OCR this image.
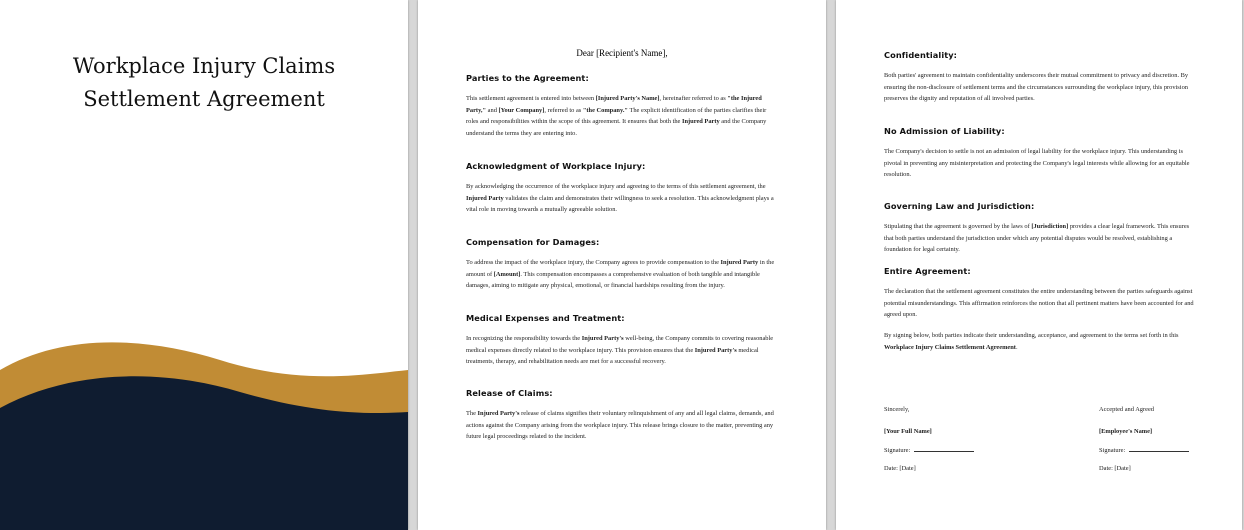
Workplace Injury Claims
Settlement Agreement
Dear [Recipient's Name],
Parties to the Agreement:
This settlement agreement is entered into between [Injured Party's Name], hereinafter referred to as "the Injured Party," and [Your Company], referred to as "the Company." The explicit identification of the parties clarifies their roles and responsibilities within the scope of this agreement. It ensures that both the Injured Party and the Company understand the terms they are entering into.
Acknowledgment of Workplace Injury:
By acknowledging the occurrence of the workplace injury and agreeing to the terms of this settlement agreement, the Injured Party validates the claim and demonstrates their willingness to seek a resolution. This acknowledgment plays a vital role in moving towards a mutually agreeable solution.
Compensation for Damages:
To address the impact of the workplace injury, the Company agrees to provide compensation to the Injured Party in the amount of [Amount]. This compensation encompasses a comprehensive evaluation of both tangible and intangible damages, aiming to mitigate any physical, emotional, or financial hardships resulting from the injury.
Medical Expenses and Treatment:
In recognizing the responsibility towards the Injured Party's well-being, the Company commits to covering reasonable medical expenses directly related to the workplace injury. This provision ensures that the Injured Party's medical treatments, therapy, and rehabilitation needs are met for a successful recovery.
Release of Claims:
The Injured Party's release of claims signifies their voluntary relinquishment of any and all legal claims, demands, and actions against the Company arising from the workplace injury. This release brings closure to the matter, preventing any future legal proceedings related to the incident.
Confidentiality:
Both parties' agreement to maintain confidentiality underscores their mutual commitment to privacy and discretion. By ensuring the non-disclosure of settlement terms and the circumstances surrounding the workplace injury, this provision preserves the dignity and reputation of all involved parties.
No Admission of Liability:
The Company's decision to settle is not an admission of legal liability for the workplace injury. This understanding is pivotal in preventing any misinterpretation and protecting the Company's legal interests while allowing for an equitable resolution.
Governing Law and Jurisdiction:
Stipulating that the agreement is governed by the laws of [Jurisdiction] provides a clear legal framework. This ensures that both parties understand the jurisdiction under which any potential disputes would be resolved, establishing a foundation for legal certainty.
Entire Agreement:
The declaration that the settlement agreement constitutes the entire understanding between the parties safeguards against potential misunderstandings. This affirmation reinforces the notion that all pertinent matters have been accounted for and agreed upon.
By signing below, both parties indicate their understanding, acceptance, and agreement to the terms set forth in this Workplace Injury Claims Settlement Agreement.
Sincerely,
[Your Full Name]
Signature:
Date: [Date]
Accepted and Agreed
[Employee's Name]
Signature:
Date: [Date]
